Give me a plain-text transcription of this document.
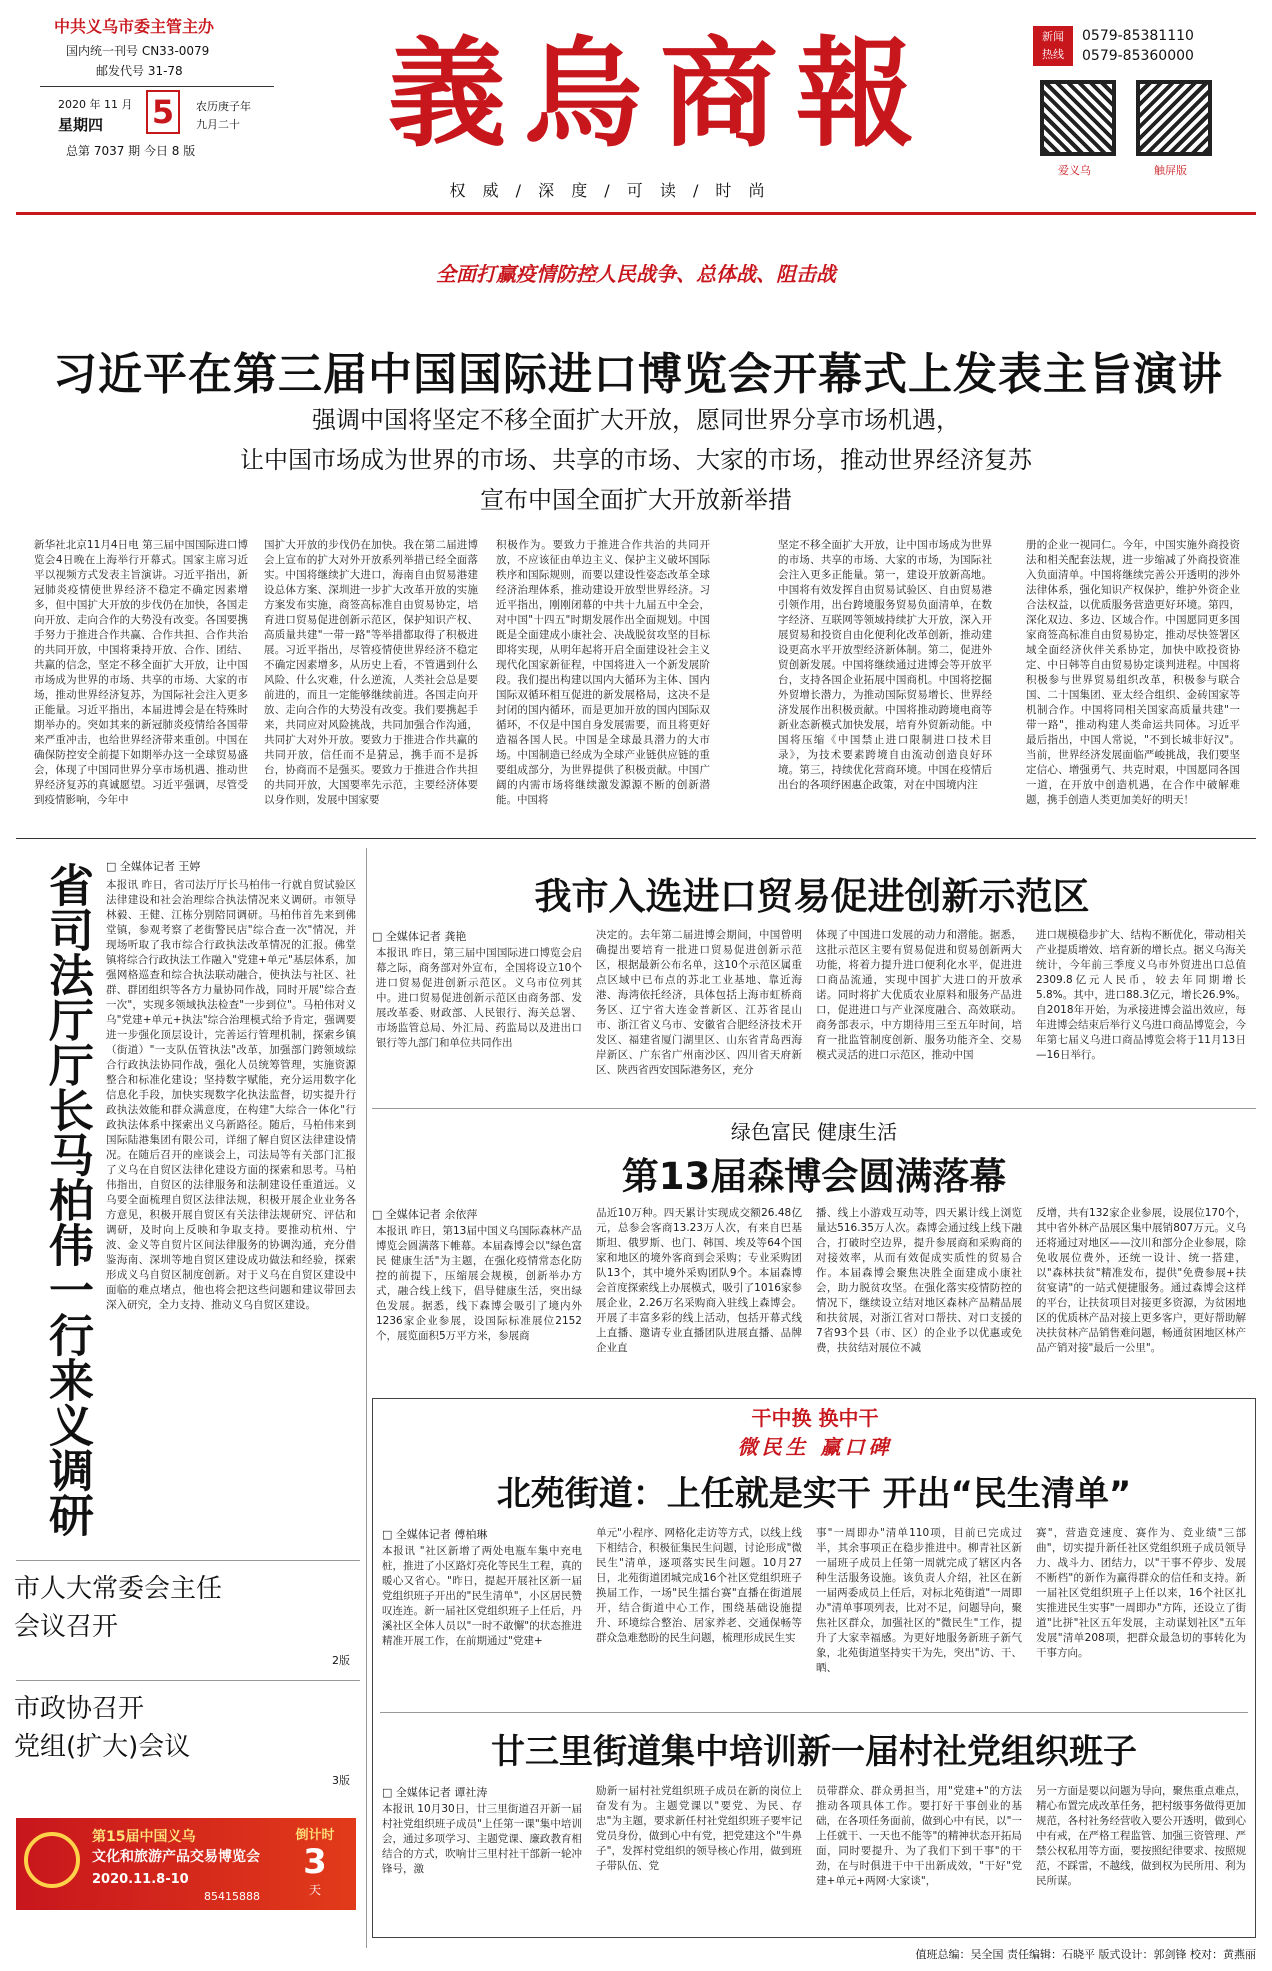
中共义乌市委主管主办
国内统一刊号 CN33-0079
邮发代号 31-78
2020 年 11 月
星期四 5	农历庚子年
九月二十
总第 7037 期 今日 8 版	義烏商報	新闻
热线
0579-85381110
0579-85360000
爱义乌	触屏版
权 威 / 深 度 / 可 读 / 时 尚
全面打赢疫情防控人民战争、总体战、阻击战
习近平在第三届中国国际进口博览会开幕式上发表主旨演讲
强调中国将坚定不移全面扩大开放，愿同世界分享市场机遇，
让中国市场成为世界的市场、共享的市场、大家的市场，推动世界经济复苏
宣布中国全面扩大开放新举措
新华社北京11月4日电 第三届中国国际进口博览会4日晚在上海举行开幕式。国家主席习近平以视频方式发表主旨演讲。习近平指出，新冠肺炎疫情使世界经济不稳定不确定因素增多，但中国扩大开放的步伐仍在加快，各国走向开放、走向合作的大势没有改变。各国要携手努力于推进合作共赢、合作共担、合作共治的共同开放，中国将秉持开放、合作、团结、共赢的信念，坚定不移全面扩大开放，让中国市场成为世界的市场、共享的市场、大家的市场，推动世界经济复苏，为国际社会注入更多正能量。习近平指出，本届进博会是在特殊时期举办的。突如其来的新冠肺炎疫情给各国带来严重冲击，也给世界经济带来重创。中国在确保防控安全前提下如期举办这一全球贸易盛会，体现了中国同世界分享市场机遇、推动世界经济复苏的真诚愿望。习近平强调，尽管受到疫情影响，今年中
国扩大开放的步伐仍在加快。我在第二届进博会上宣布的扩大对外开放系列举措已经全面落实。中国将继续扩大进口，海南自由贸易港建设总体方案、深圳进一步扩大改革开放的实施方案发布实施，商签高标准自由贸易协定，培育进口贸易促进创新示范区，保护知识产权、高质量共建"一带一路"等举措都取得了积极进展。习近平指出，尽管疫情使世界经济不稳定不确定因素增多，从历史上看，不管遇到什么风险、什么灾难，什么逆流，人类社会总是要前进的，而且一定能够继续前进。各国走向开放、走向合作的大势没有改变。我们要携起手来，共同应对风险挑战，共同加强合作沟通，共同扩大对外开放。要致力于推进合作共赢的共同开放，信任而不是猜忌，携手而不是拆台，协商而不是强买。要致力于推进合作共担的共同开放，大国要率先示范，主要经济体要以身作则，发展中国家要
积极作为。要致力于推进合作共治的共同开放，不应该征由单边主义、保护主义破坏国际秩序和国际规则，而要以建设性姿态改革全球经济治理体系，推动建设开放型世界经济。习近平指出，刚刚闭幕的中共十九届五中全会，对中国"十四五"时期发展作出全面规划。中国既是全面建成小康社会、决战脱贫攻坚的目标即将实现，从明年起将开启全面建设社会主义现代化国家新征程，中国将进入一个新发展阶段。我们提出构建以国内大循环为主体、国内国际双循环相互促进的新发展格局，这决不是封闭的国内循环，而是更加开放的国内国际双循环，不仅是中国自身发展需要，而且将更好造福各国人民。中国是全球最具潜力的大市场。中国制造已经成为全球产业链供应链的重要组成部分，为世界提供了积极贡献。中国广阔的内需市场将继续激发源源不断的创新潜能。中国将
坚定不移全面扩大开放，让中国市场成为世界的市场、共享的市场、大家的市场，为国际社会注入更多正能量。第一，建设开放新高地。中国将有效发挥自由贸易试验区、自由贸易港引领作用，出台跨境服务贸易负面清单，在数字经济、互联网等领域持续扩大开放，深入开展贸易和投资自由化便利化改革创新，推动建设更高水平开放型经济新体制。第二，促进外贸创新发展。中国将继续通过进博会等开放平台，支持各国企业拓展中国商机。中国将挖掘外贸增长潜力，为推动国际贸易增长、世界经济发展作出积极贡献。中国将推动跨境电商等新业态新模式加快发展，培育外贸新动能。中国将压缩《中国禁止进口限制进口技术目录》，为技术要素跨境自由流动创造良好环境。第三，持续优化营商环境。中国在疫情后出台的各项纾困惠企政策，对在中国境内注
册的企业一视同仁。今年，中国实施外商投资法和相关配套法规，进一步缩减了外商投资准入负面清单。中国将继续完善公开透明的涉外法律体系，强化知识产权保护，维护外资企业合法权益，以优质服务营造更好环境。第四，深化双边、多边、区域合作。中国愿同更多国家商签高标准自由贸易协定，推动尽快签署区域全面经济伙伴关系协定，加快中欧投资协定、中日韩等自由贸易协定谈判进程。中国将积极参与世界贸易组织改革，积极参与联合国、二十国集团、亚太经合组织、金砖国家等机制合作。中国将同相关国家高质量共建"一带一路"，推动构建人类命运共同体。习近平最后指出，中国人常说，"不到长城非好汉"。当前，世界经济发展面临严峻挑战，我们要坚定信心、增强勇气、共克时艰，中国愿同各国一道，在开放中创造机遇，在合作中破解难题，携手创造人类更加美好的明天！
□ 全媒体记者 王婷
省司法厅厅长马柏伟一行来义调研 本报讯 昨日，省司法厅厅长马柏伟一行就自贸试验区法律建设和社会治理综合执法情况来义调研。市领导林毅、王健、江栋分别陪同调研。马柏伟首先来到佛堂镇，参观考察了老街警民店"综合查一次"情况，并现场听取了我市综合行政执法改革情况的汇报。佛堂镇将综合行政执法工作融入"党建+单元"基层体系，加强网格巡查和综合执法联动融合，使执法与社区、社群、群团组织等各方力量协同作战，同时开展"综合查一次"，实现多领域执法检查"一步到位"。马柏伟对义乌"党建+单元+执法"综合治理模式给予肯定，强调要进一步强化顶层设计，完善运行管理机制，探索乡镇（街道）"一支队伍管执法"改革，加强部门跨领域综合行政执法协同作战，强化人员统筹管理，实施资源整合和标准化建设；坚持数字赋能，充分运用数字化信息化手段，加快实现数字化执法监督，切实提升行政执法效能和群众满意度，在构建"大综合一体化"行政执法体系中探索出义乌新路径。随后，马柏伟来到国际陆港集团有限公司，详细了解自贸区法律建设情况。在随后召开的座谈会上，司法局等有关部门汇报了义乌在自贸区法律化建设方面的探索和思考。马柏伟指出，自贸区的法律服务和法制建设任重道远。义乌要全面梳理自贸区法律法规，积极开展企业业务各方意见，积极开展自贸区有关法律法规研究、评估和调研，及时向上反映和争取支持。要推动杭州、宁波、金义等自贸片区间法律服务的协调沟通，充分借鉴海南、深圳等地自贸区建设成功做法和经验，探索形成义乌自贸区制度创新。对于义乌在自贸区建设中面临的难点堵点，他也将会把这些问题和建议带回去深入研究，全力支持、推动义乌自贸区建设。
市人大常委会主任
会议召开
2版
市政协召开
党组(扩大)会议
3版
第15届中国义乌
文化和旅游产品交易博览会
2020.11.8-10
85415888
倒计时
3
天
我市入选进口贸易促进创新示范区
□ 全媒体记者 龚艳
本报讯 昨日，第三届中国国际进口博览会启幕之际，商务部对外宣布，全国将设立10个进口贸易促进创新示范区。义乌市位列其中。进口贸易促进创新示范区由商务部、发展改革委、财政部、人民银行、海关总署、市场监管总局、外汇局、药监局以及进出口银行等九部门和单位共同作出
决定的。去年第二届进博会期间，中国曾明确提出要培育一批进口贸易促进创新示范区，根据最新公布名单，这10个示范区属重点区域中已布点的苏北工业基地、靠近海港、海湾依托经济，具体包括上海市虹桥商务区、辽宁省大连金普新区、江苏省昆山市、浙江省义乌市、安徽省合肥经济技术开发区、福建省厦门湖里区、山东省青岛西海岸新区、广东省广州南沙区、四川省天府新区、陕西省西安国际港务区，充分
体现了中国进口发展的动力和潜能。据悉，这批示范区主要有贸易促进和贸易创新两大功能，将着力提升进口便利化水平，促进进口商品流通，实现中国扩大进口的开放承诺。同时将扩大优质农业原料和服务产品进口，促进进口与产业深度融合、高效联动。商务部表示，中方期待用三至五年时间，培育一批监管制度创新、服务功能齐全、交易模式灵活的进口示范区，推动中国
进口规模稳步扩大、结构不断优化，带动相关产业提质增效、培育新的增长点。据义乌海关统计，今年前三季度义乌市外贸进出口总值2309.8亿元人民币，较去年同期增长5.8%。其中，进口88.3亿元，增长26.9%。自2018年开始，为承接进博会溢出效应，每年进博会结束后举行义乌进口商品博览会，今年第七届义乌进口商品博览会将于11月13日—16日举行。
绿色富民 健康生活
第13届森博会圆满落幕
□ 全媒体记者 余依萍
本报讯 昨日，第13届中国义乌国际森林产品博览会圆满落下帷幕。本届森博会以"绿色富民 健康生活"为主题，在强化疫情常态化防控的前提下，压缩展会规模，创新举办方式，融合线上线下，倡导健康生活，突出绿色发展。据悉，线下森博会吸引了境内外1236家企业参展，设国际标准展位2152个，展览面积5万平方米，参展商
品近10万种。四天累计实现成交额26.48亿元，总参会客商13.23万人次，有来自巴基斯坦、俄罗斯、也门、韩国、埃及等64个国家和地区的境外客商到会采购；专业采购团队13个，其中境外采购团队9个。本届森博会首度探索线上办展模式，吸引了1016家参展企业，2.26万名采购商入驻线上森博会。开展了丰富多彩的线上活动，包括开幕式线上直播、邀请专业直播团队进展直播、品牌企业直
播、线上小游戏互动等，四天累计线上浏览量达516.35万人次。森博会通过线上线下融合，打破时空边界，提升参展商和采购商的对接效率，从而有效促成实质性的贸易合作。本届森博会聚焦决胜全面建成小康社会，助力脱贫攻坚。在强化落实疫情防控的情况下，继续设立结对地区森林产品精品展和扶贫展，对浙江省对口帮扶、对口支援的7省93个县（市、区）的企业予以优惠或免费，扶贫结对展位不减
反增，共有132家企业参展，设展位170个，其中省外林产品展区集中展销807万元。义乌还将通过对地区——汶川和部分企业参展，除免收展位费外，还统一设计、统一搭建，以"森林扶贫"精准发布，提供"免费参展+扶贫宴请"的一站式便捷服务。通过森博会这样的平台，让扶贫项目对接更多资源，为贫困地区的优质林产品对接上更多客户，更好帮助解决扶贫林产品销售难问题，畅通贫困地区林产品产销对接"最后一公里"。
干中换 换中干
微民生 赢口碑
北苑街道：上任就是实干 开出“民生清单”
□ 全媒体记者 傅柏琳
本报讯 "社区新增了两处电瓶车集中充电桩，推进了小区路灯亮化等民生工程，真的暖心又省心。"昨日，提起开展社区新一届党组织班子开出的"民生清单"，小区居民赞叹连连。新一届社区党组织班子上任后，丹溪社区全体人员以"一时不敢懈"的状态推进精准开展工作，在前期通过"党建+
单元"小程序、网格化走访等方式，以线上线下相结合，积极征集民生问题，讨论形成"微民生"清单，逐项落实民生问题。10月27日，北苑街道团城完成16个社区党组织班子换届工作，一场"民生擂台赛"直播在街道展开，结合街道中心工作，围绕基础设施提升、环境综合整治、居家养老、交通保畅等群众急难愁盼的民生问题，梳理形成民生实
事"一周即办"清单110项，目前已完成过半，其余事项正在稳步推进中。柳青社区新一届班子成员上任第一周就完成了辖区内各种生活服务设施。该负责人介绍，社区在新一届两委成员上任后，对标北苑街道"一周即办"清单事项列表，比对不足，问题导向，聚焦社区群众，加强社区的"微民生"工作，提升了大家幸福感。为更好地服务新班子新气象，北苑街道坚持实干为先，突出"访、干、晒、
赛"，营造竞速度、赛作为、竞业绩"三部曲"，切实提升新任社区党组织班子成员领导力、战斗力、团结力，以"干事不停步、发展不断档"的新作为赢得群众的信任和支持。新一届社区党组织班子上任以来，16个社区扎实推进民生实事"一周即办"方阵，还设立了街道"比拼"社区五年发展，主动谋划社区"五年发展"清单208项，把群众最急切的事转化为干事方向。
廿三里街道集中培训新一届村社党组织班子
□ 全媒体记者 谭社涛
本报讯 10月30日，廿三里街道召开新一届村社党组织班子成员"上任第一课"集中培训会，通过多项学习、主题党课、廉政教育相结合的方式，吹响廿三里村社干部新一轮冲锋号，激
励新一届村社党组织班子成员在新的岗位上奋发有为。主题党课以"要党、为民、存忠"为主题，要求新任村社党组织班子要牢记党员身份，做到心中有党，把党建这个"牛鼻子"，发挥村党组织的领导核心作用，做到班子带队伍、党
员带群众、群众勇担当，用"党建+"的方法推动各项具体工作。要打好干事创业的基础，在各项任务面前，做到心中有民，以"一上任就干、一天也不能等"的精神状态开拓局面，同时要提升、为了我们下到干事"的干劲，在与时俱进干中干出新成效，"干好"党建+单元+两网·大家谈"，
另一方面是要以问题为导向，聚焦重点难点，精心布置完成改革任务，把村级事务做得更加规范，各村社务经营收入要公开透明，做到心中有戒，在严格工程监管、加强三资管理、严禁公权私用等方面，要按照纪律要求、按照规范，不踩雷，不越线，做到权为民所用、利为民所谋。
值班总编：吴全国 责任编辑：石晓平 版式设计：郭剑锋 校对：黄燕丽
